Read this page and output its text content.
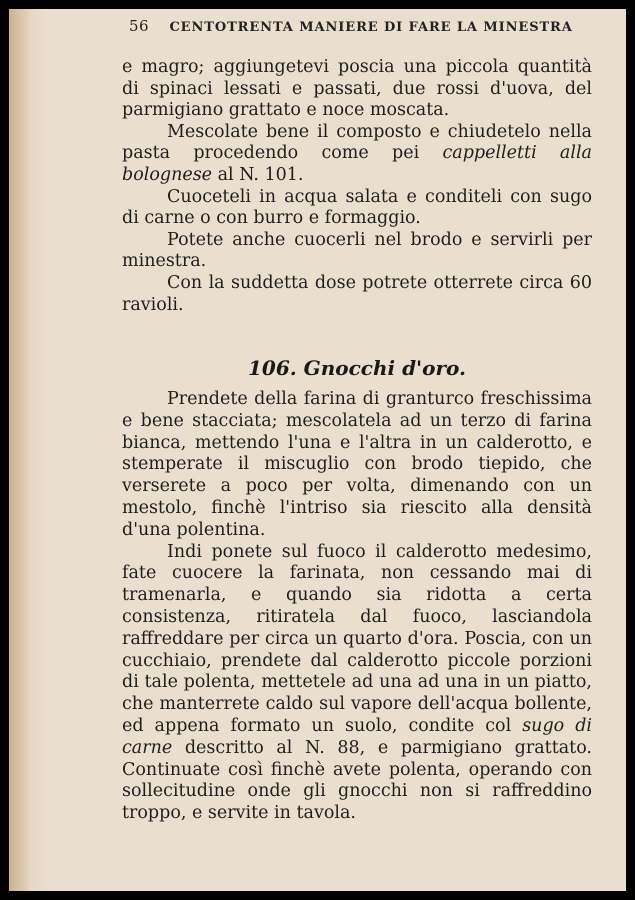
56 CENTOTRENTA MANIERE DI FARE LA MINESTRA

e magro; aggiungetevi poscia una piccola quantità di spinaci lessati e passati, due rossi d'uova, del parmigiano grattato e noce moscata.

Mescolate bene il composto e chiudetelo nella pasta procedendo come pei cappelletti alla bolognese al N. 101.

Cuoceteli in acqua salata e conditeli con sugo di carne o con burro e formaggio.

Potete anche cuocerli nel brodo e servirli per minestra.

Con la suddetta dose potrete otterrete circa 60 ravioli.

106. Gnocchi d'oro.

Prendete della farina di granturco freschissima e bene stacciata; mescolatela ad un terzo di farina bianca, mettendo l'una e l'altra in un calderotto, e stemperate il miscuglio con brodo tiepido, che verserete a poco per volta, dimenando con un mestolo, finchè l'intriso sia riescito alla densità d'una polentina.

Indi ponete sul fuoco il calderotto medesimo, fate cuocere la farinata, non cessando mai di tramenarla, e quando sia ridotta a certa consistenza, ritiratela dal fuoco, lasciandola raffreddare per circa un quarto d'ora. Poscia, con un cucchiaio, prendete dal calderotto piccole porzioni di tale polenta, mettetele ad una ad una in un piatto, che manterrete caldo sul vapore dell'acqua bollente, ed appena formato un suolo, condite col sugo di carne descritto al N. 88, e parmigiano grattato. Continuate così finchè avete polenta, operando con sollecitudine onde gli gnocchi non si raffreddino troppo, e servite in tavola.
